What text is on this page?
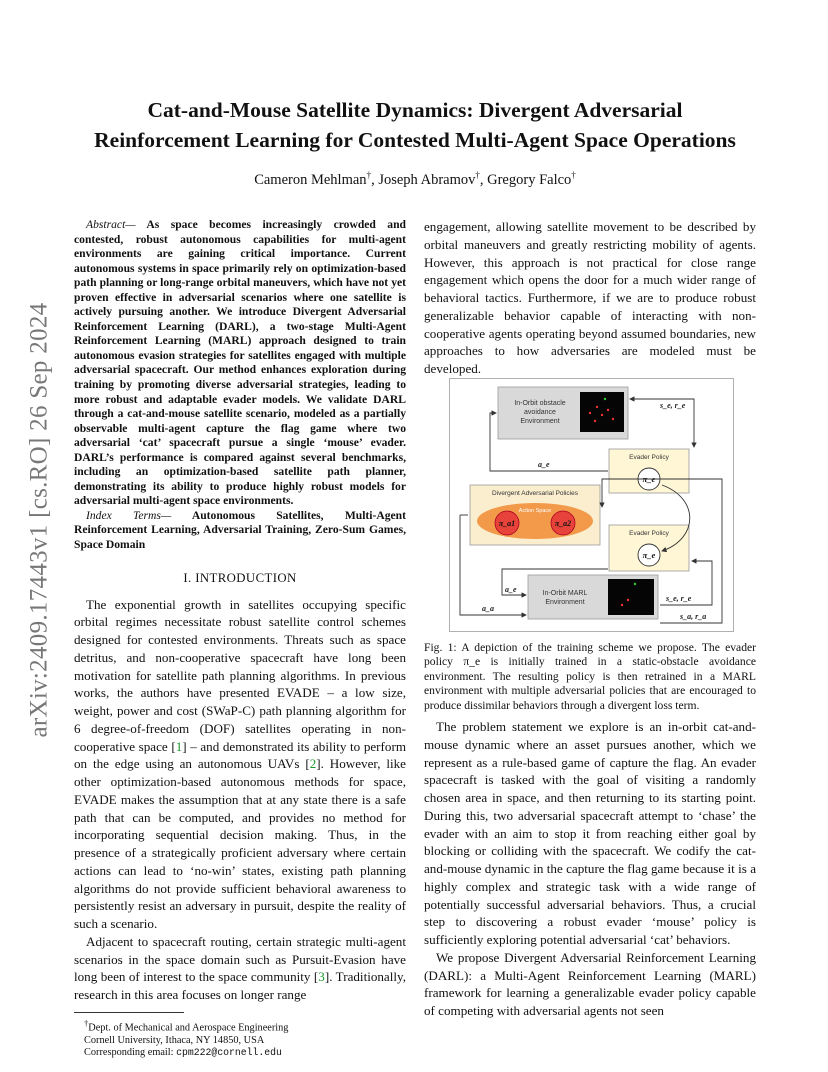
arXiv:2409.17443v1 [cs.RO] 26 Sep 2024
Cat-and-Mouse Satellite Dynamics: Divergent Adversarial
Reinforcement Learning for Contested Multi-Agent Space Operations

Cameron Mehlman†, Joseph Abramov†, Gregory Falco†

Abstract— As space becomes increasingly crowded and contested, robust autonomous capabilities for multi-agent environments are gaining critical importance. Current autonomous systems in space primarily rely on optimization-based path planning or long-range orbital maneuvers, which have not yet proven effective in adversarial scenarios where one satellite is actively pursuing another. We introduce Divergent Adversarial Reinforcement Learning (DARL), a two-stage Multi-Agent Reinforcement Learning (MARL) approach designed to train autonomous evasion strategies for satellites engaged with multiple adversarial spacecraft. Our method enhances exploration during training by promoting diverse adversarial strategies, leading to more robust and adaptable evader models. We validate DARL through a cat-and-mouse satellite scenario, modeled as a partially observable multi-agent capture the flag game where two adversarial ‘cat’ spacecraft pursue a single ‘mouse’ evader. DARL’s performance is compared against several benchmarks, including an optimization-based satellite path planner, demonstrating its ability to produce highly robust models for adversarial multi-agent space environments.

Index Terms— Autonomous Satellites, Multi-Agent Reinforcement Learning, Adversarial Training, Zero-Sum Games, Space Domain

I. INTRODUCTION

The exponential growth in satellites occupying specific orbital regimes necessitate robust satellite control schemes designed for contested environments. Threats such as space detritus, and non-cooperative spacecraft have long been motivation for satellite path planning algorithms. In previous works, the authors have presented EVADE – a low size, weight, power and cost (SWaP-C) path planning algorithm for 6 degree-of-freedom (DOF) satellites operating in non-cooperative space [1] – and demonstrated its ability to perform on the edge using an autonomous UAVs [2]. However, like other optimization-based autonomous methods for space, EVADE makes the assumption that at any state there is a safe path that can be computed, and provides no method for incorporating sequential decision making. Thus, in the presence of a strategically proficient adversary where certain actions can lead to ‘no-win’ states, existing path planning algorithms do not provide sufficient behavioral awareness to persistently resist an adversary in pursuit, despite the reality of such a scenario.

Adjacent to spacecraft routing, certain strategic multi-agent scenarios in the space domain such as Pursuit-Evasion have long been of interest to the space community [3]. Traditionally, research in this area focuses on longer range

†Dept. of Mechanical and Aerospace Engineering
Cornell University, Ithaca, NY 14850, USA
Corresponding email: cpm222@cornell.edu

engagement, allowing satellite movement to be described by orbital maneuvers and greatly restricting mobility of agents. However, this approach is not practical for close range engagement which opens the door for a much wider range of behavioral tactics. Furthermore, if we are to produce robust generalizable behavior capable of interacting with non-cooperative agents operating beyond assumed boundaries, new approaches to how adversaries are modeled must be developed.

In-Orbit obstacle
avoidance
Environment
s_e, r_e
Evader Policy
π_e
a_e
Divergent Adversarial Policies
Action Space
π_a1	π_a2
Evader Policy
π_e
In-Orbit MARL
Environment
a_e
a_a
s_e, r_e
s_a, r_a

Fig. 1: A depiction of the training scheme we propose. The evader policy π_e is initially trained in a static-obstacle avoidance environment. The resulting policy is then retrained in a MARL environment with multiple adversarial policies that are encouraged to produce dissimilar behaviors through a divergent loss term.

The problem statement we explore is an in-orbit cat-and-mouse dynamic where an asset pursues another, which we represent as a rule-based game of capture the flag. An evader spacecraft is tasked with the goal of visiting a randomly chosen area in space, and then returning to its starting point. During this, two adversarial spacecraft attempt to ‘chase’ the evader with an aim to stop it from reaching either goal by blocking or colliding with the spacecraft. We codify the cat-and-mouse dynamic in the capture the flag game because it is a highly complex and strategic task with a wide range of potentially successful adversarial behaviors. Thus, a crucial step to discovering a robust evader ‘mouse’ policy is sufficiently exploring potential adversarial ‘cat’ behaviors.

We propose Divergent Adversarial Reinforcement Learning (DARL): a Multi-Agent Reinforcement Learning (MARL) framework for learning a generalizable evader policy capable of competing with adversarial agents not seen
